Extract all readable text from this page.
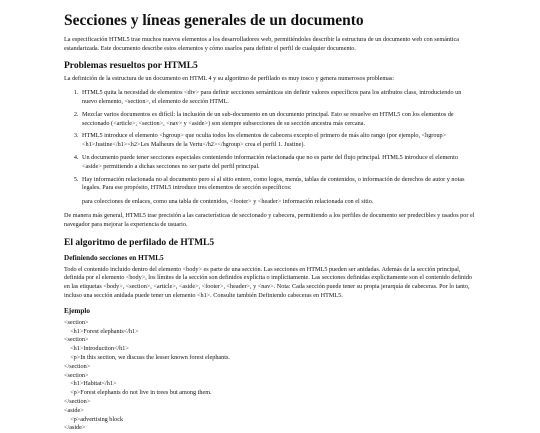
Secciones y líneas generales de un documento

La especificación HTML5 trae muchos nuevos elementos a los desarrolladores web, permitiéndoles describir la estructura de un documento web con semántica estandarizada. Este documento describe estos elementos y cómo usarlos para definir el perfil de cualquier documento.

Problemas resueltos por HTML5

La definición de la estructura de un documento en HTML 4 y su algoritmo de perfilado es muy tosco y genera numerosos problemas:

1. HTML5 quita la necesidad de elementos <div> para definir secciones semánticas sin definir valores específicos para los atributos class, introduciendo un nuevo elemento, <section>, el elemento de sección HTML.
2. Mezclar varios documentos es difícil: la inclusión de un sub-documento en un documento principal. Esto se resuelve en HTML5 con los elementos de seccionado (<article>, <section>, <nav> y <aside>) son siempre subsecciones de su sección ancestra más cercana.
3. HTML5 introduce el elemento <hgroup> que oculta todos los elementos de cabecera excepto el primero de más alto rango (por ejemplo, <hgroup><h1>Justine</h1><h2>Les Malheurs de la Vertu</h2></hgroup> crea el perfil 1. Justine).
4. Un documento puede tener secciones especiales conteniendo información relacionada que no es parte del flujo principal. HTML5 introduce el elemento <aside> permitiendo a dichas secciones no ser parte del perfil principal.
5. Hay información relacionada no al documento pero sí al sitio entero, como logos, menús, tablas de contenidos, o información de derechos de autor y notas legales. Para ese propósito, HTML5 introduce tres elementos de sección específicos:

para colecciones de enlaces, como una tabla de contenidos, <footer> y <header> información relacionada con el sitio.

De manera más general, HTML5 trae precisión a las características de seccionado y cabecera, permitiendo a los perfiles de documento ser predecibles y usados por el navegador para mejorar la experiencia de usuario.

El algoritmo de perfilado de HTML5
Definiendo secciones en HTML5

Todo el contenido incluido dentro del elemento <body> es parte de una sección. Las secciones en HTML5 pueden ser anidadas. Además de la sección principal, definida por el elemento <body>, los límites de la sección son definidos explícita o implícitamente. Las secciones definidas explícitamente son el contenido definido en las etiquetas <body>, <section>, <article>, <aside>, <footer>, <header>, y <nav>. Nota: Cada sección puede tener su propia jerarquía de cabeceras. Por lo tanto, incluso una sección anidada puede tener un elemento <h1>. Consulte también Definiendo cabeceras en HTML5.

Ejemplo
<section>
<h1>Forest elephants</h1>
<section>
<h1>Introduction</h1>
<p>In this section, we discuss the lesser known forest elephants.
</section>
<section>
<h1>Habitat</h1>
<p>Forest elephants do not live in trees but among them.
</section>
<aside>
<p>advertising block
</aside>
